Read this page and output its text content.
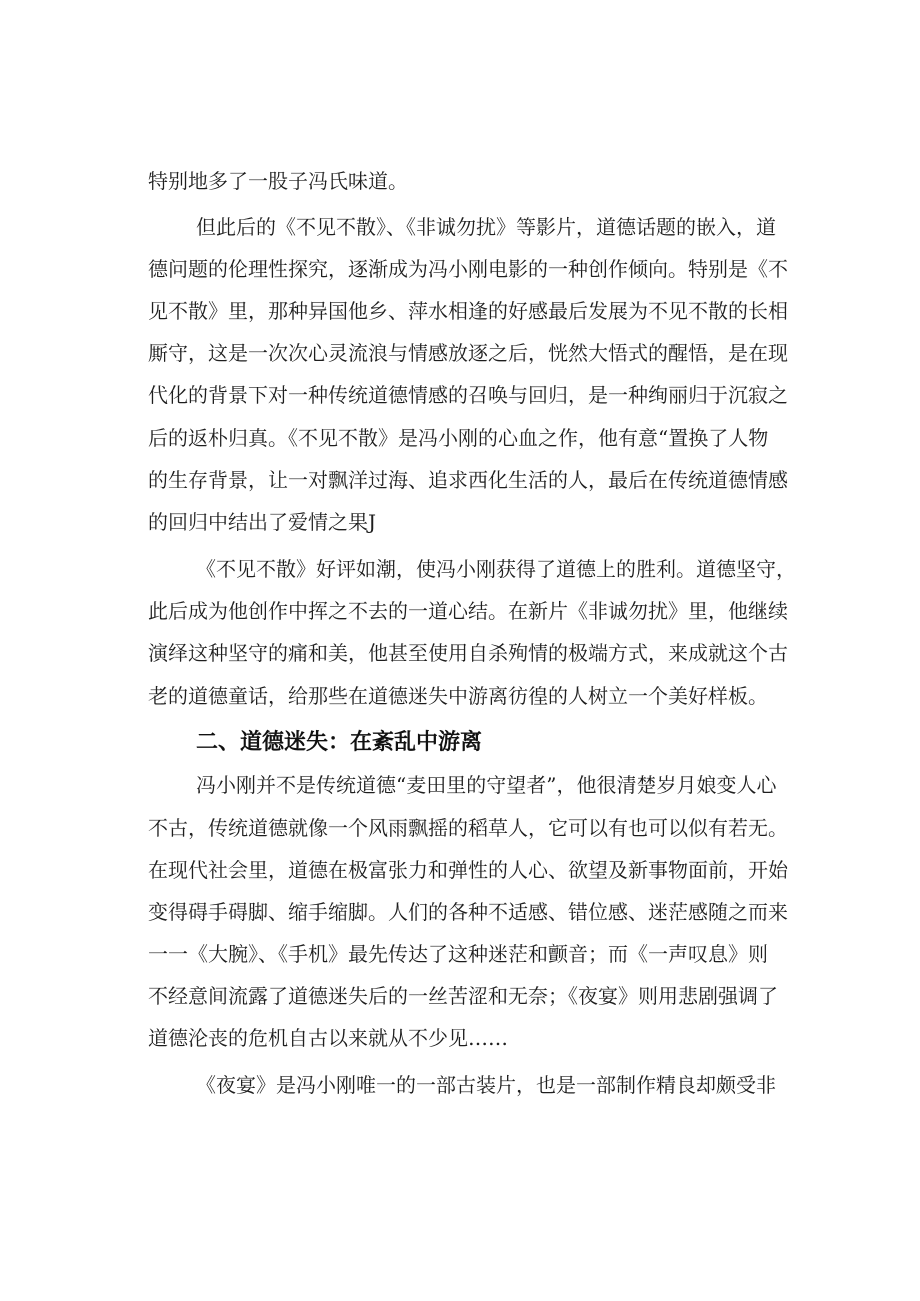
特别地多了一股子冯氏味道。
但此后的《不见不散》、《非诚勿扰》等影片，道德话题的嵌入，道
德问题的伦理性探究，逐渐成为冯小刚电影的一种创作倾向。特别是《不
见不散》里，那种异国他乡、萍水相逢的好感最后发展为不见不散的长相
厮守，这是一次次心灵流浪与情感放逐之后，恍然大悟式的醒悟，是在现
代化的背景下对一种传统道德情感的召唤与回归，是一种绚丽归于沉寂之
后的返朴归真。《不见不散》是冯小刚的心血之作，他有意“置换了人物
的生存背景，让一对飘洋过海、追求西化生活的人，最后在传统道德情感
的回归中结出了爱情之果J
《不见不散》好评如潮，使冯小刚获得了道德上的胜利。道德坚守，
此后成为他创作中挥之不去的一道心结。在新片《非诚勿扰》里，他继续
演绎这种坚守的痛和美，他甚至使用自杀殉情的极端方式，来成就这个古
老的道德童话，给那些在道德迷失中游离彷徨的人树立一个美好样板。
二、道德迷失：在紊乱中游离
冯小刚并不是传统道德“麦田里的守望者”，他很清楚岁月娘变人心
不古，传统道德就像一个风雨飘摇的稻草人，它可以有也可以似有若无。
在现代社会里，道德在极富张力和弹性的人心、欲望及新事物面前，开始
变得碍手碍脚、缩手缩脚。人们的各种不适感、错位感、迷茫感随之而来
一一《大腕》、《手机》最先传达了这种迷茫和颤音；而《一声叹息》则
不经意间流露了道德迷失后的一丝苦涩和无奈；《夜宴》则用悲剧强调了
道德沦丧的危机自古以来就从不少见……
《夜宴》是冯小刚唯一的一部古装片，也是一部制作精良却颇受非
